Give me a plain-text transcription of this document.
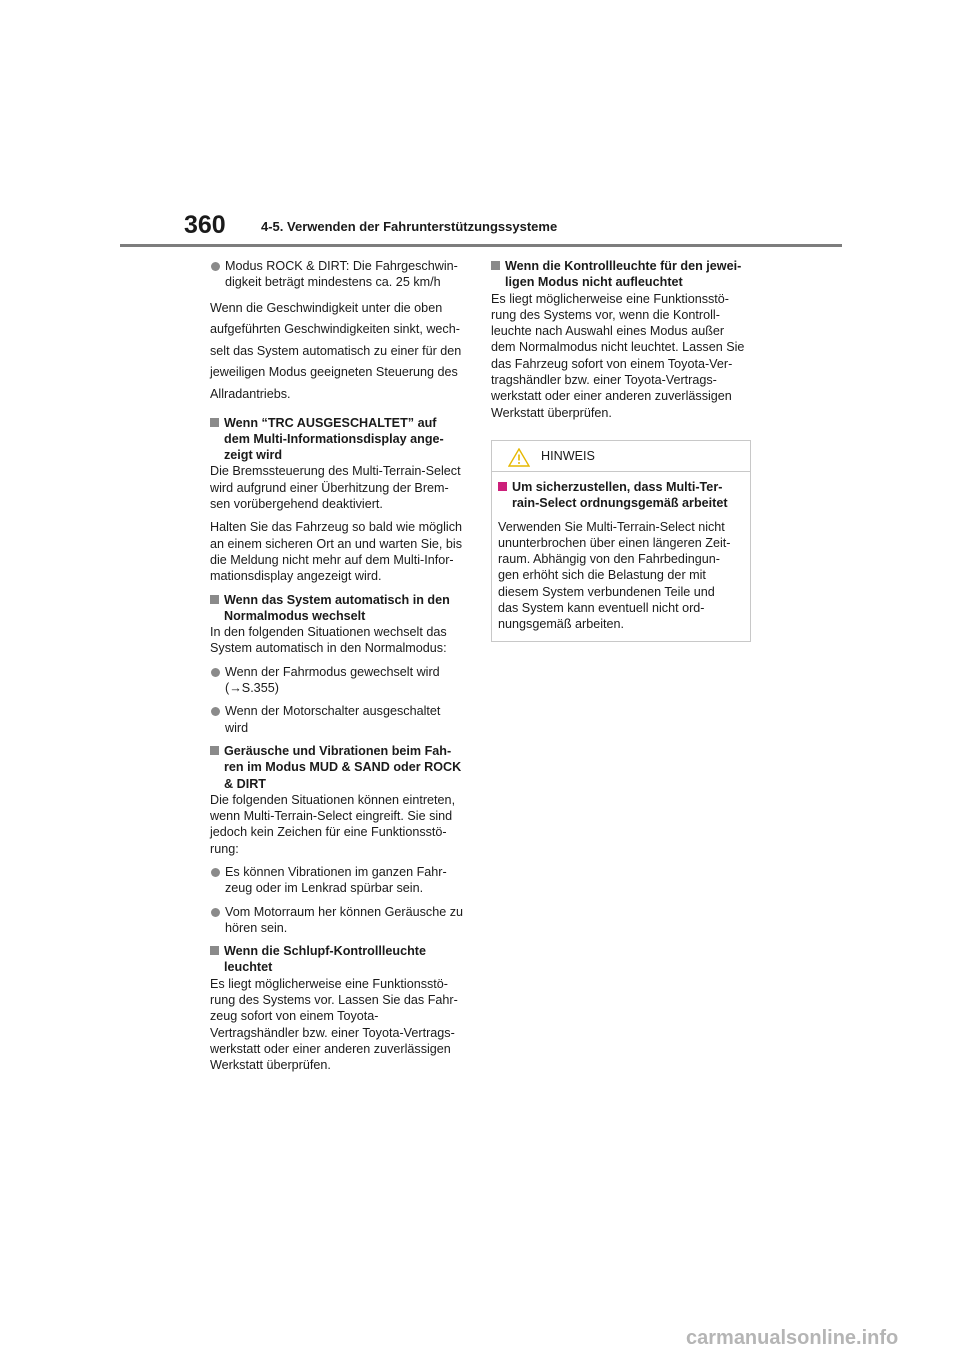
360	4-5. Verwenden der Fahrunterstützungssysteme

Modus ROCK & DIRT: Die Fahrgeschwin-
digkeit beträgt mindestens ca. 25 km/h

Wenn die Geschwindigkeit unter die oben
aufgeführten Geschwindigkeiten sinkt, wech-
selt das System automatisch zu einer für den
jeweiligen Modus geeigneten Steuerung des
Allradantriebs.

Wenn “TRC AUSGESCHALTET” auf
dem Multi-Informationsdisplay ange-
zeigt wird

Die Bremssteuerung des Multi-Terrain-Select
wird aufgrund einer Überhitzung der Brem-
sen vorübergehend deaktiviert.

Halten Sie das Fahrzeug so bald wie möglich
an einem sicheren Ort an und warten Sie, bis
die Meldung nicht mehr auf dem Multi-Infor-
mationsdisplay angezeigt wird.

Wenn das System automatisch in den
Normalmodus wechselt

In den folgenden Situationen wechselt das
System automatisch in den Normalmodus:

Wenn der Fahrmodus gewechselt wird
(→S.355)

Wenn der Motorschalter ausgeschaltet
wird

Geräusche und Vibrationen beim Fah-
ren im Modus MUD & SAND oder ROCK
& DIRT

Die folgenden Situationen können eintreten,
wenn Multi-Terrain-Select eingreift. Sie sind
jedoch kein Zeichen für eine Funktionsstö-
rung:

Es können Vibrationen im ganzen Fahr-
zeug oder im Lenkrad spürbar sein.

Vom Motorraum her können Geräusche zu
hören sein.

Wenn die Schlupf-Kontrollleuchte
leuchtet

Es liegt möglicherweise eine Funktionsstö-
rung des Systems vor. Lassen Sie das Fahr-
zeug sofort von einem Toyota-
Vertragshändler bzw. einer Toyota-Vertrags-
werkstatt oder einer anderen zuverlässigen
Werkstatt überprüfen.

Wenn die Kontrollleuchte für den jewei-
ligen Modus nicht aufleuchtet

Es liegt möglicherweise eine Funktionsstö-
rung des Systems vor, wenn die Kontroll-
leuchte nach Auswahl eines Modus außer
dem Normalmodus nicht leuchtet. Lassen Sie
das Fahrzeug sofort von einem Toyota-Ver-
tragshändler bzw. einer Toyota-Vertrags-
werkstatt oder einer anderen zuverlässigen
Werkstatt überprüfen.

HINWEIS

Um sicherzustellen, dass Multi-Ter-
rain-Select ordnungsgemäß arbeitet

Verwenden Sie Multi-Terrain-Select nicht
ununterbrochen über einen längeren Zeit-
raum. Abhängig von den Fahrbedingun-
gen erhöht sich die Belastung der mit
diesem System verbundenen Teile und
das System kann eventuell nicht ord-
nungsgemäß arbeiten.

carmanualsonline.info
